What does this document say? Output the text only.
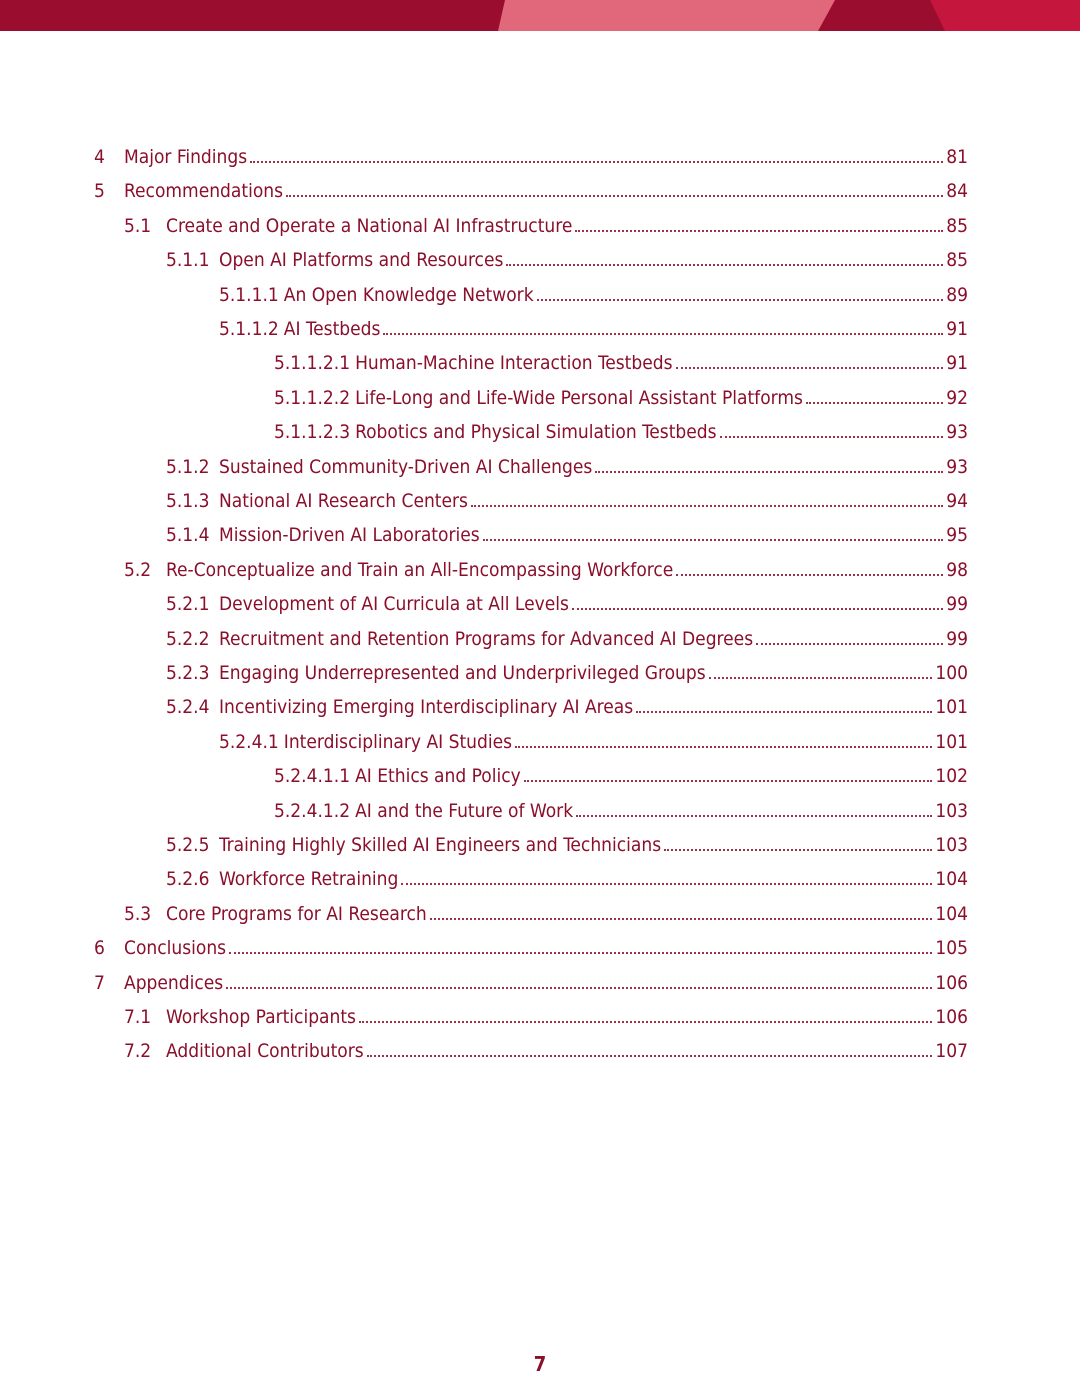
4	Major Findings	81
5	Recommendations	84
5.1 Create and Operate a National AI Infrastructure	85
5.1.1 Open AI Platforms and Resources	85
5.1.1.1 An Open Knowledge Network	89
5.1.1.2 AI Testbeds	91
5.1.1.2.1 Human-Machine Interaction Testbeds	91
5.1.1.2.2 Life-Long and Life-Wide Personal Assistant Platforms	92
5.1.1.2.3 Robotics and Physical Simulation Testbeds	93
5.1.2 Sustained Community-Driven AI Challenges	93
5.1.3 National AI Research Centers	94
5.1.4 Mission-Driven AI Laboratories	95
5.2 Re-Conceptualize and Train an All-Encompassing Workforce	98
5.2.1 Development of AI Curricula at All Levels	99
5.2.2 Recruitment and Retention Programs for Advanced AI Degrees	99
5.2.3 Engaging Underrepresented and Underprivileged Groups	100
5.2.4 Incentivizing Emerging Interdisciplinary AI Areas	101
5.2.4.1 Interdisciplinary AI Studies	101
5.2.4.1.1 AI Ethics and Policy	102
5.2.4.1.2 AI and the Future of Work	103
5.2.5 Training Highly Skilled AI Engineers and Technicians	103
5.2.6 Workforce Retraining	104
5.3 Core Programs for AI Research	104
6	Conclusions	105
7	Appendices	106
7.1 Workshop Participants	106
7.2 Additional Contributors	107
7
